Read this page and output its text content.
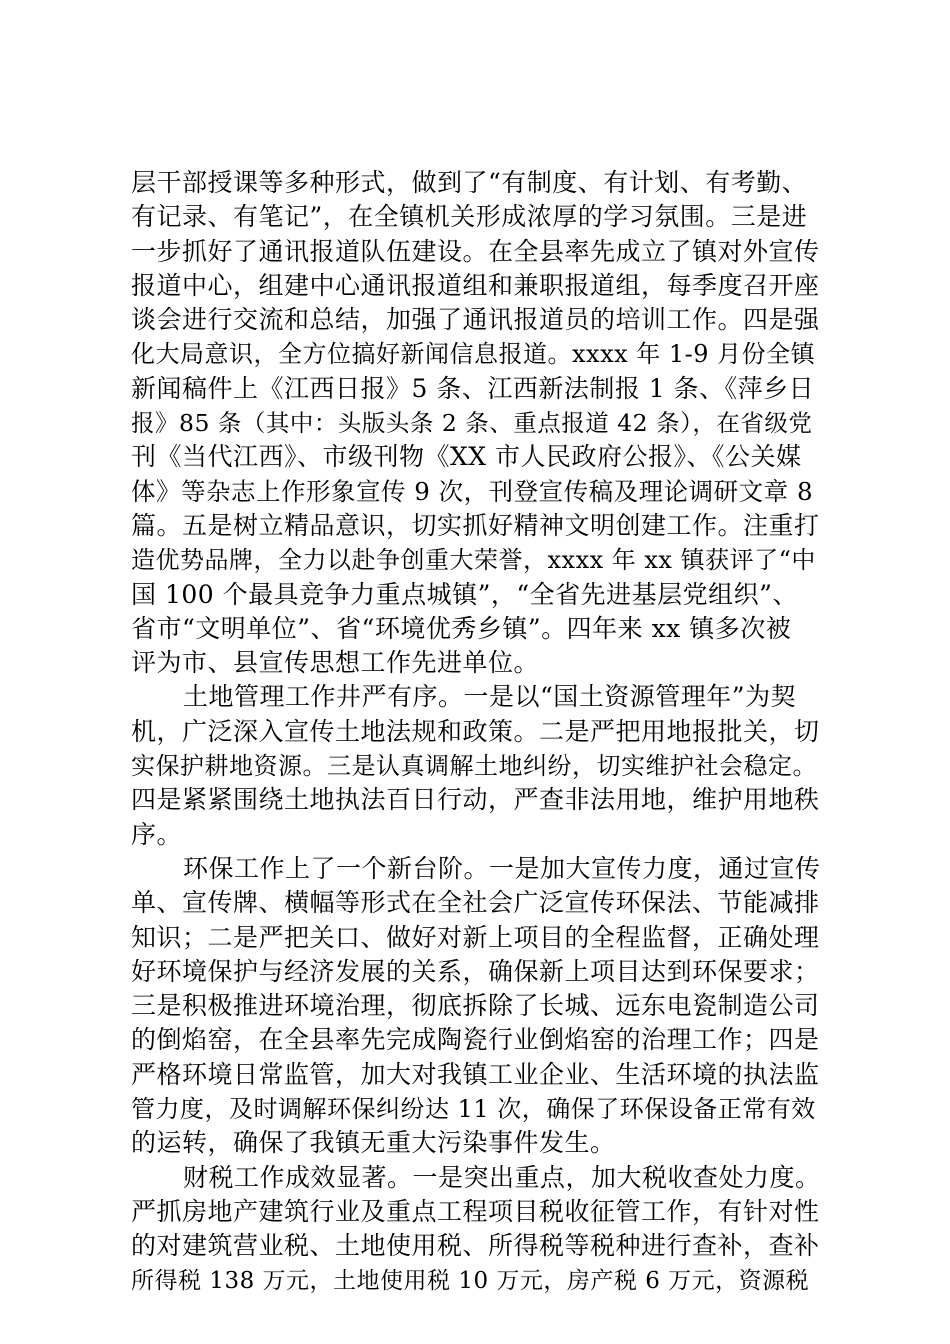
层干部授课等多种形式，做到了“有制度、有计划、有考勤、
有记录、有笔记”，在全镇机关形成浓厚的学习氛围。三是进
一步抓好了通讯报道队伍建设。在全县率先成立了镇对外宣传
报道中心，组建中心通讯报道组和兼职报道组，每季度召开座
谈会进行交流和总结，加强了通讯报道员的培训工作。四是强
化大局意识，全方位搞好新闻信息报道。xxxx 年 1-9 月份全镇
新闻稿件上《江西日报》5 条、江西新法制报 1 条、《萍乡日
报》85 条（其中：头版头条 2 条、重点报道 42 条），在省级党
刊《当代江西》、市级刊物《XX 市人民政府公报》、《公关媒
体》等杂志上作形象宣传 9 次，刊登宣传稿及理论调研文章 8
篇。五是树立精品意识，切实抓好精神文明创建工作。注重打
造优势品牌，全力以赴争创重大荣誉，xxxx 年 xx 镇获评了“中
国 100 个最具竞争力重点城镇”，“全省先进基层党组织”、
省市“文明单位”、省“环境优秀乡镇”。四年来 xx 镇多次被
评为市、县宣传思想工作先进单位。
土地管理工作井严有序。一是以“国土资源管理年”为契
机，广泛深入宣传土地法规和政策。二是严把用地报批关，切
实保护耕地资源。三是认真调解土地纠纷，切实维护社会稳定。
四是紧紧围绕土地执法百日行动，严查非法用地，维护用地秩
序。
环保工作上了一个新台阶。一是加大宣传力度，通过宣传
单、宣传牌、横幅等形式在全社会广泛宣传环保法、节能减排
知识；二是严把关口、做好对新上项目的全程监督，正确处理
好环境保护与经济发展的关系，确保新上项目达到环保要求；
三是积极推进环境治理，彻底拆除了长城、远东电瓷制造公司
的倒焰窑，在全县率先完成陶瓷行业倒焰窑的治理工作；四是
严格环境日常监管，加大对我镇工业企业、生活环境的执法监
管力度，及时调解环保纠纷达 11 次，确保了环保设备正常有效
的运转，确保了我镇无重大污染事件发生。
财税工作成效显著。一是突出重点，加大税收查处力度。
严抓房地产建筑行业及重点工程项目税收征管工作，有针对性
的对建筑营业税、土地使用税、所得税等税种进行查补，查补
所得税 138 万元，土地使用税 10 万元，房产税 6 万元，资源税
